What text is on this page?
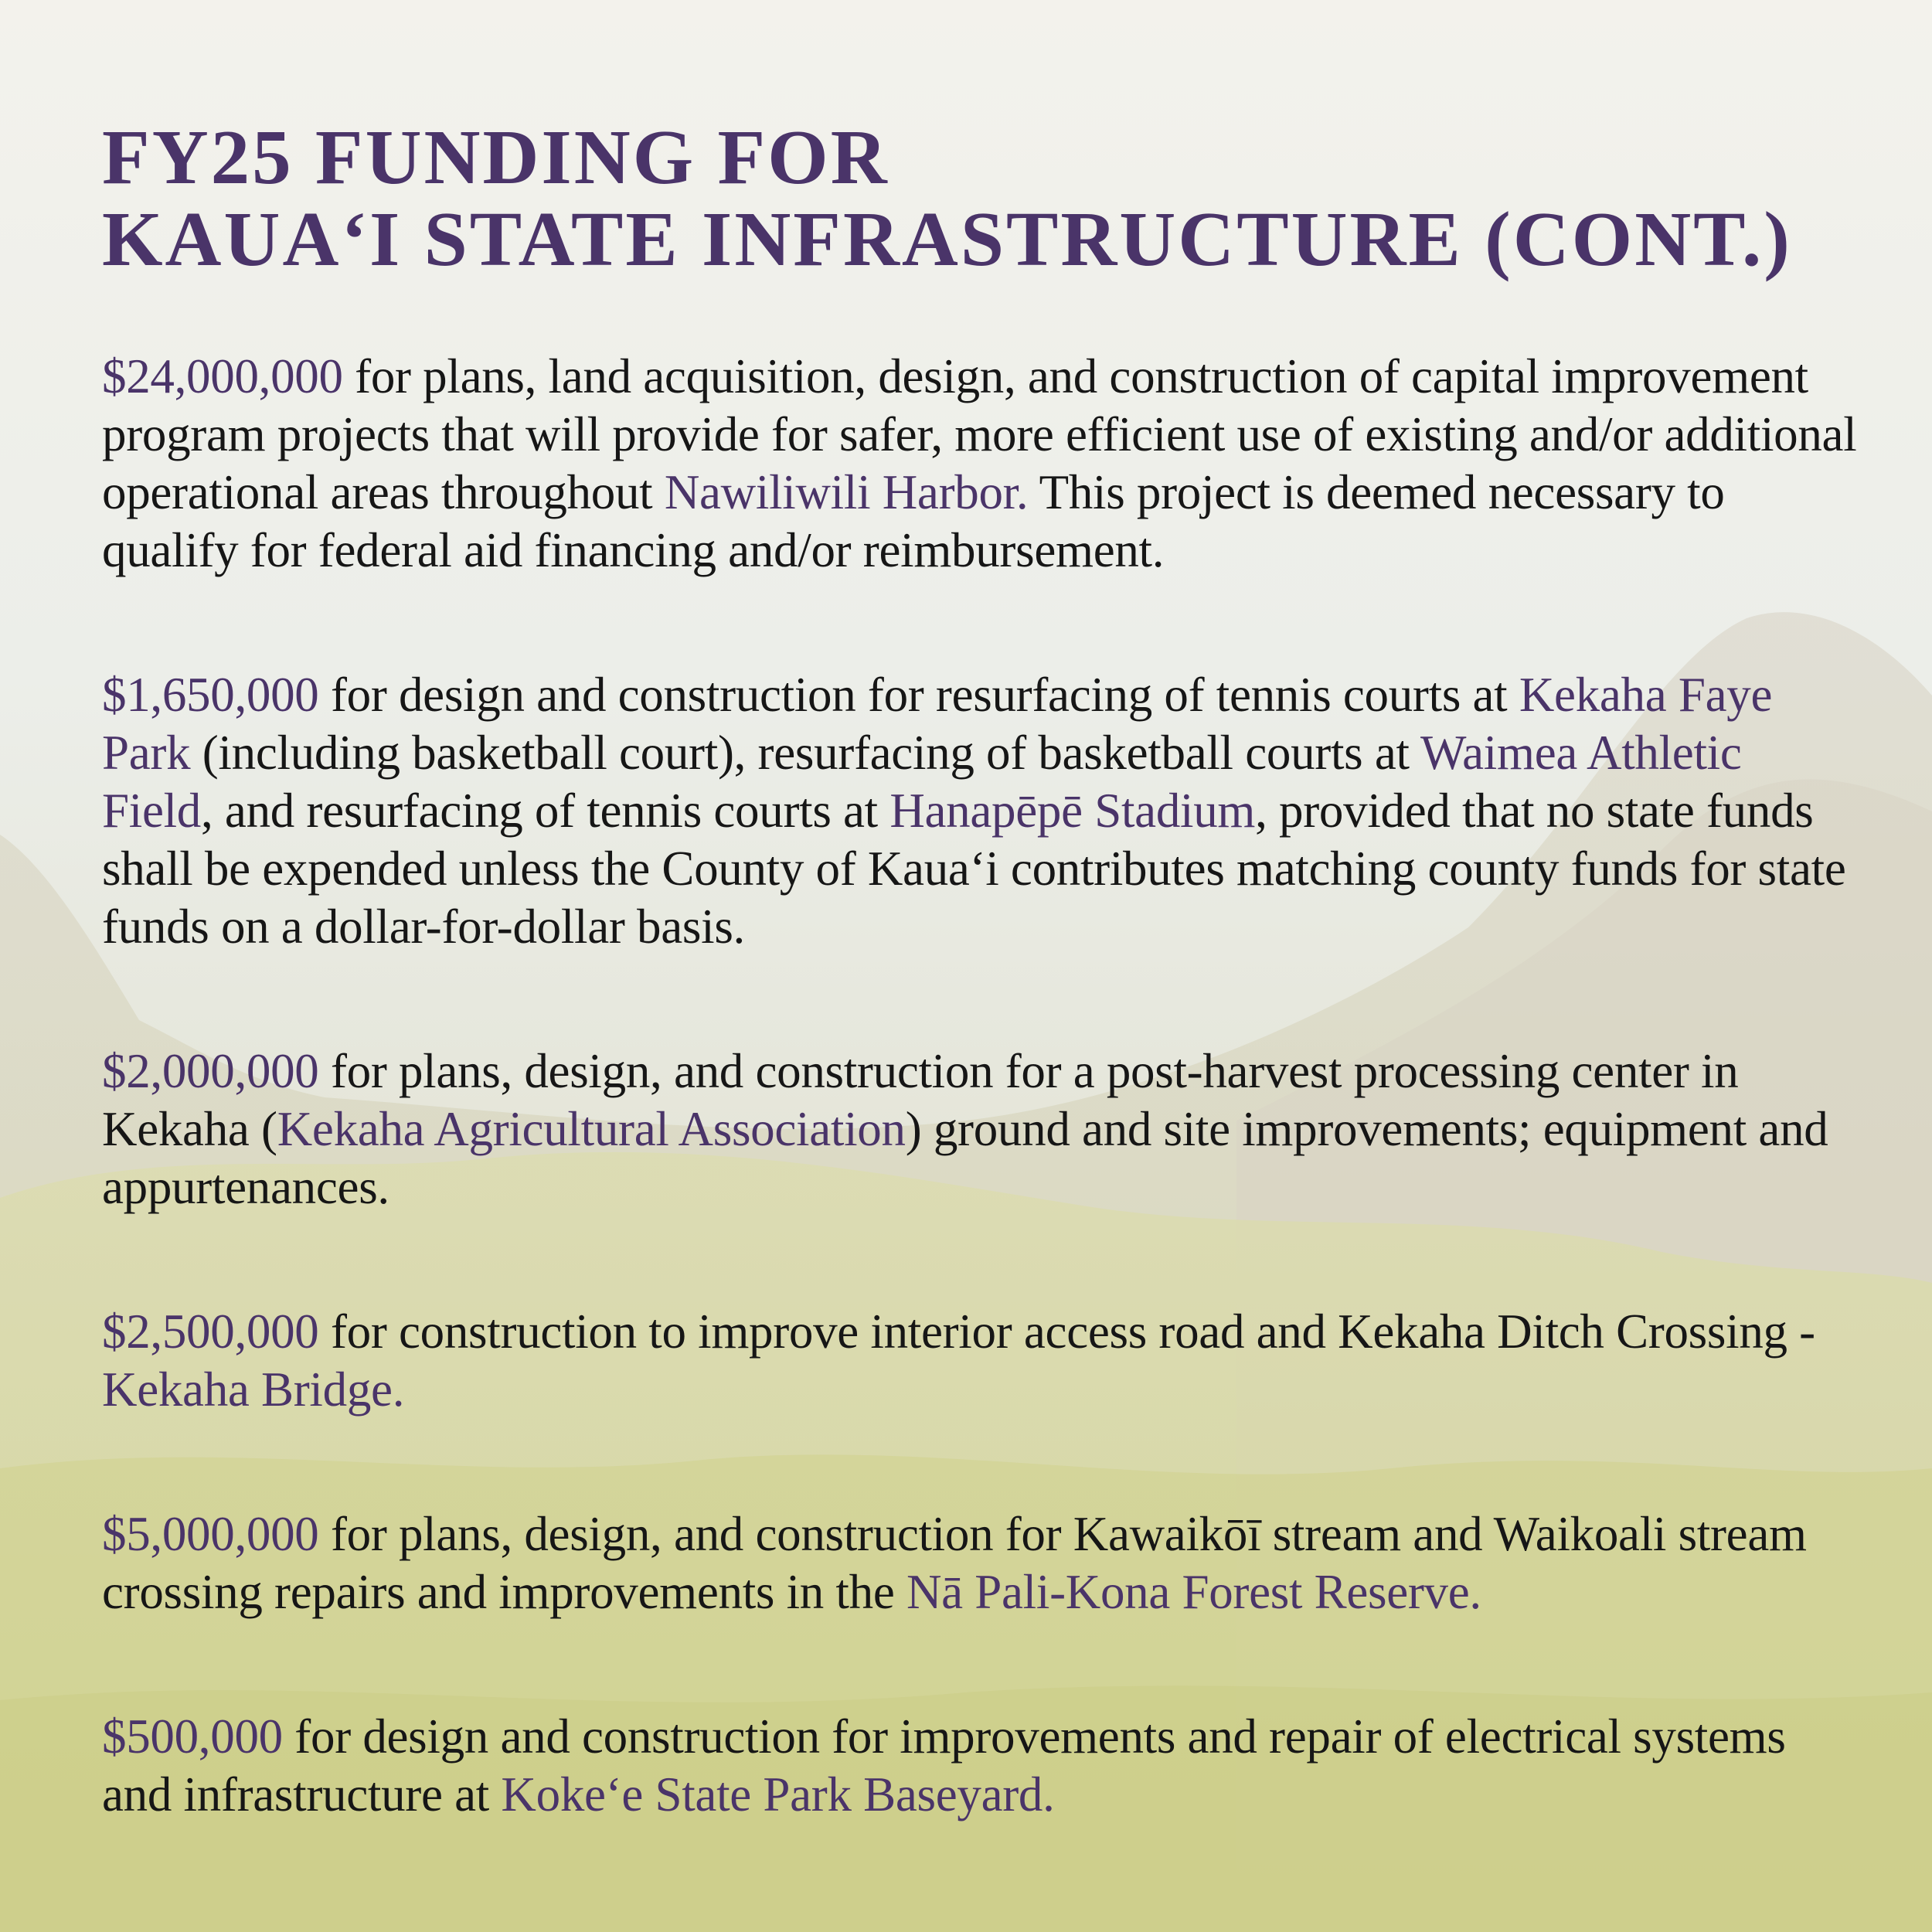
FY25 FUNDING FOR
KAUAʻI STATE INFRASTRUCTURE (CONT.)

$24,000,000 for plans, land acquisition, design, and construction of capital improvement program projects that will provide for safer, more efficient use of existing and/or additional operational areas throughout Nawiliwili Harbor. This project is deemed necessary to qualify for federal aid financing and/or reimbursement.

$1,650,000 for design and construction for resurfacing of tennis courts at Kekaha Faye Park (including basketball court), resurfacing of basketball courts at Waimea Athletic Field, and resurfacing of tennis courts at Hanapēpē Stadium, provided that no state funds shall be expended unless the County of Kauaʻi contributes matching county funds for state funds on a dollar-for-dollar basis.

$2,000,000 for plans, design, and construction for a post-harvest processing center in Kekaha (Kekaha Agricultural Association) ground and site improvements; equipment and appurtenances.

$2,500,000 for construction to improve interior access road and Kekaha Ditch Crossing - Kekaha Bridge.

$5,000,000 for plans, design, and construction for Kawaikōī stream and Waikoali stream crossing repairs and improvements in the Nā Pali-Kona Forest Reserve.

$500,000 for design and construction for improvements and repair of electrical systems and infrastructure at Kokeʻe State Park Baseyard.
